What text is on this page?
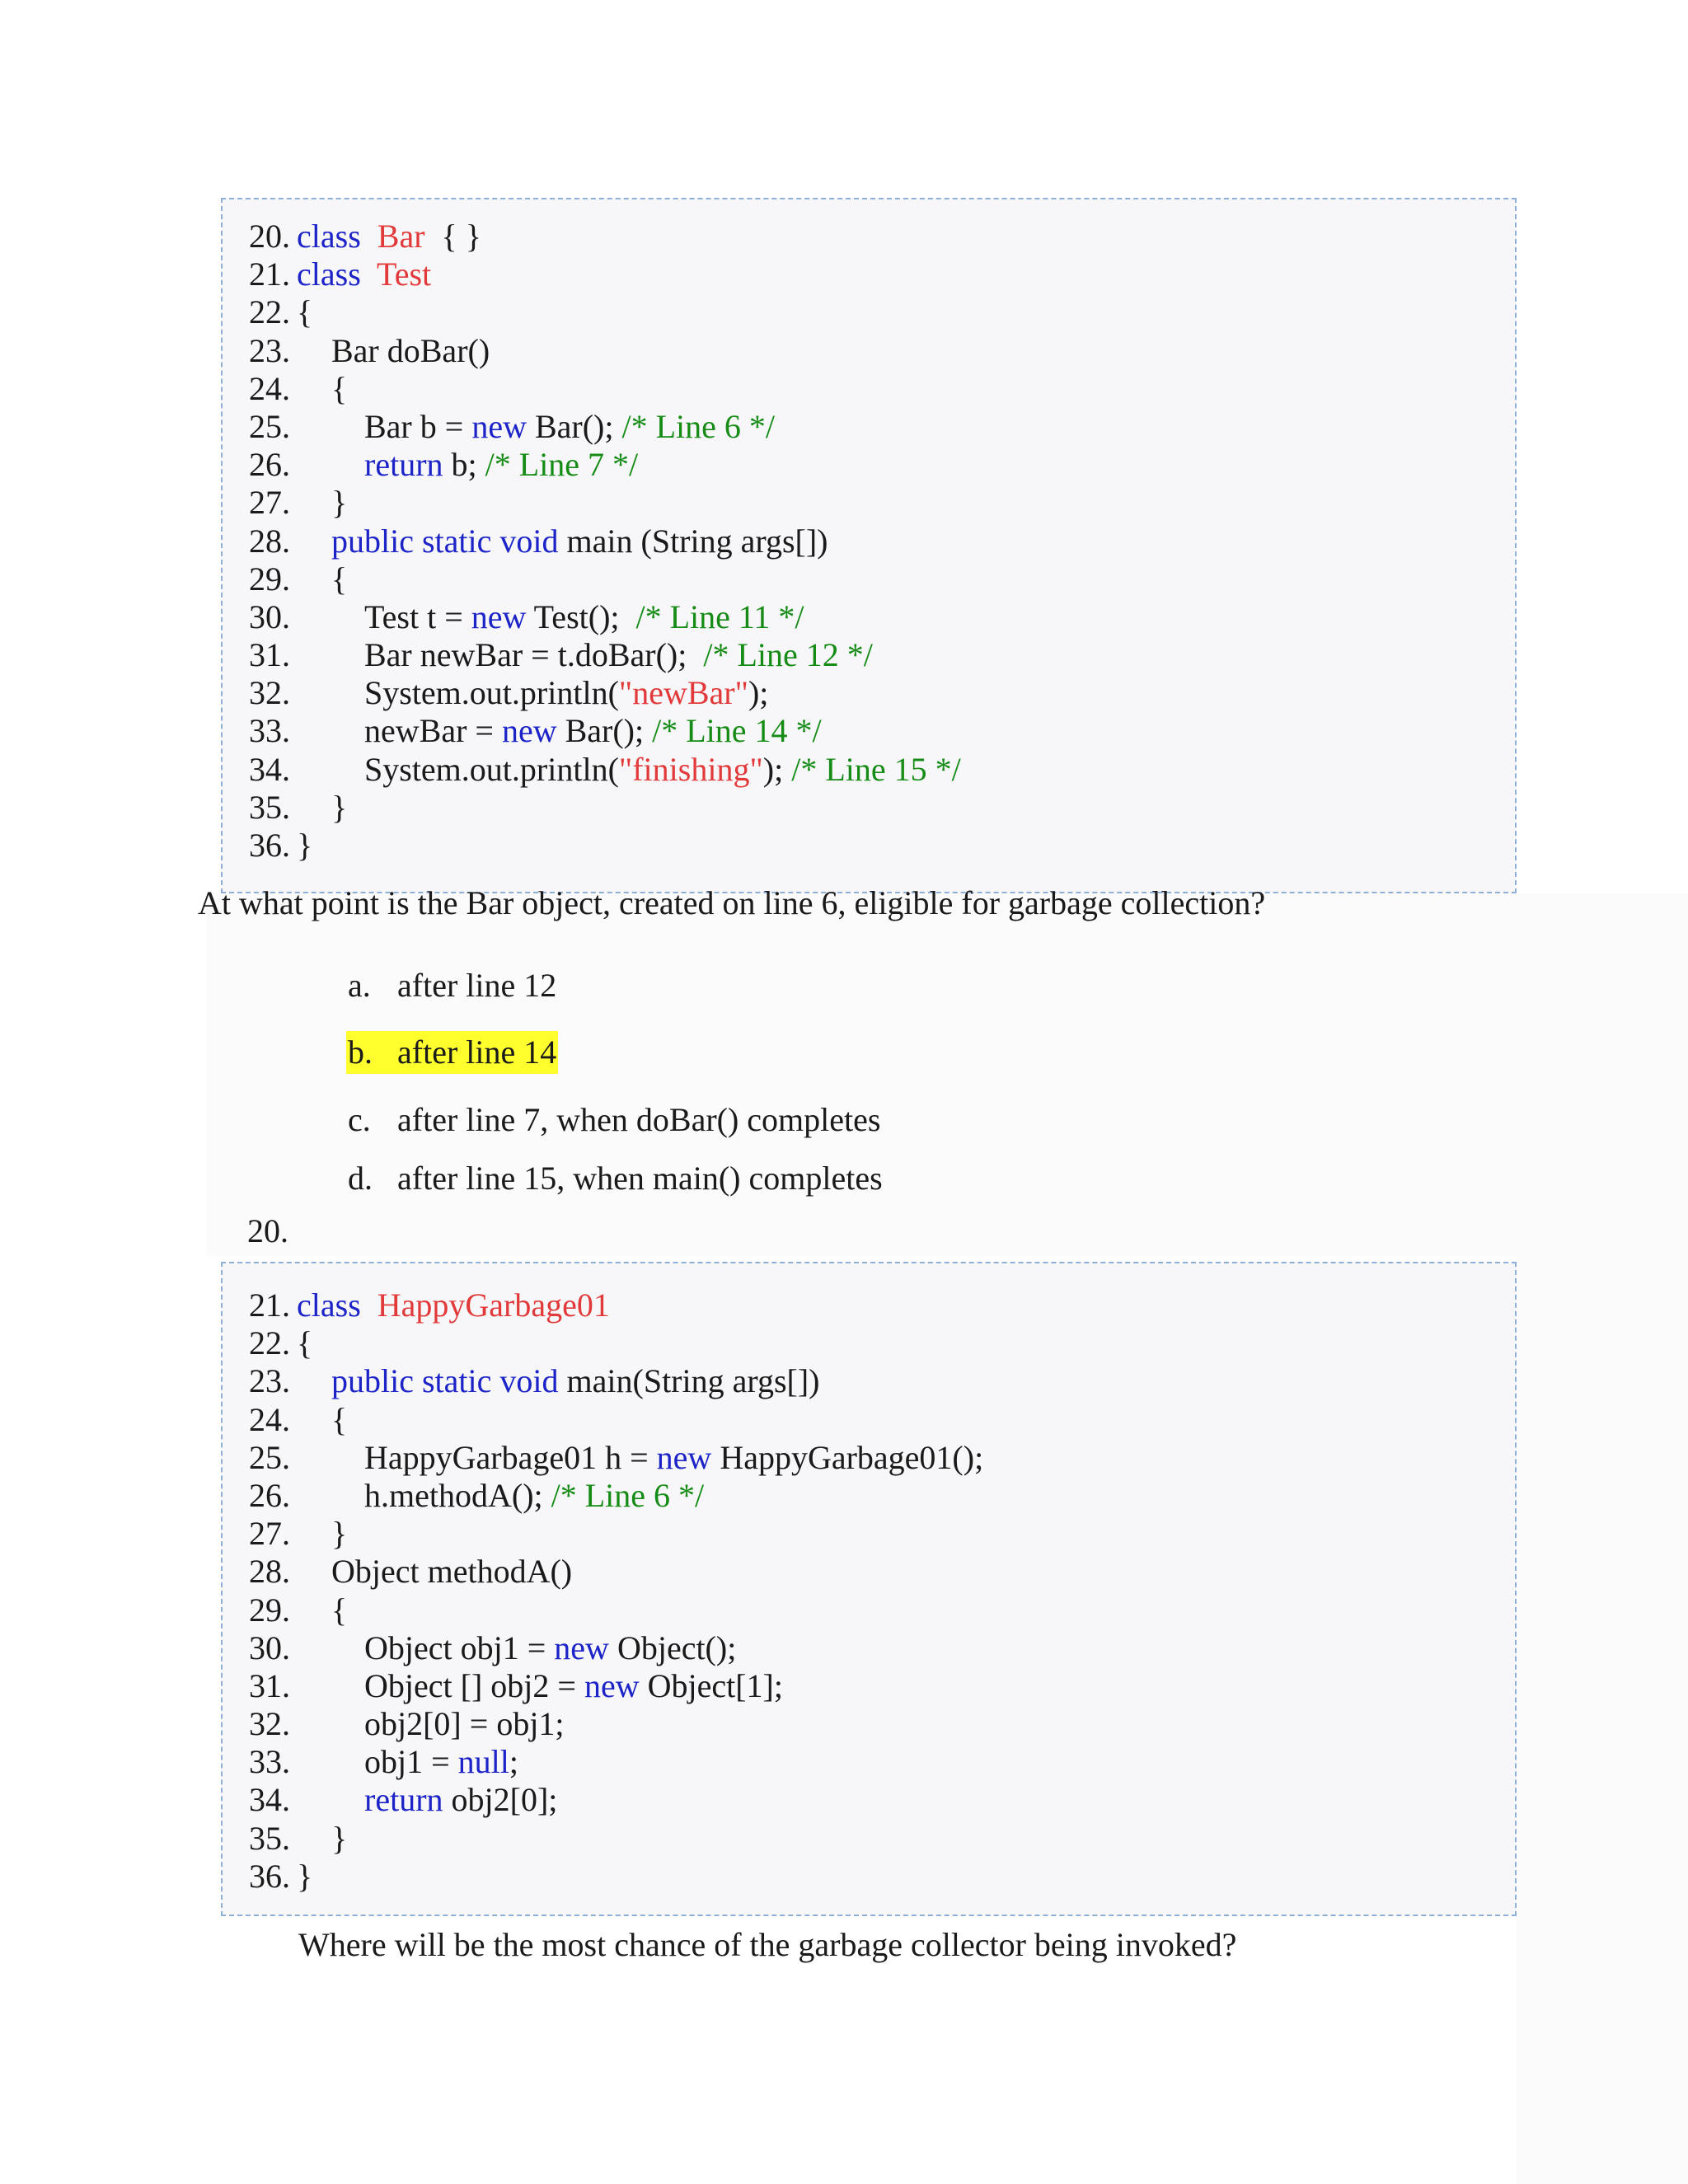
20. class Bar  { }
21. class Test
22. {
23. Bar doBar()
24. {
25. Bar b = new Bar(); /* Line 6 */
26. return b; /* Line 7 */
27. }
28. public static void main (String args[])
29. {
30. Test t = new Test();  /* Line 11 */
31. Bar newBar = t.doBar();  /* Line 12 */
32. System.out.println("newBar");
33. newBar = new Bar(); /* Line 14 */
34. System.out.println("finishing"); /* Line 15 */
35. }
36. }
At what point is the Bar object, created on line 6, eligible for garbage collection?
a. after line 12
b. after line 14
c. after line 7, when doBar() completes
d. after line 15, when main() completes
20.
21. class HappyGarbage01
22. {
23. public static void main(String args[])
24. {
25. HappyGarbage01 h = new HappyGarbage01();
26. h.methodA(); /* Line 6 */
27. }
28. Object methodA()
29. {
30. Object obj1 = new Object();
31. Object [] obj2 = new Object[1];
32. obj2[0] = obj1;
33. obj1 = null;
34. return obj2[0];
35. }
36. }
Where will be the most chance of the garbage collector being invoked?
